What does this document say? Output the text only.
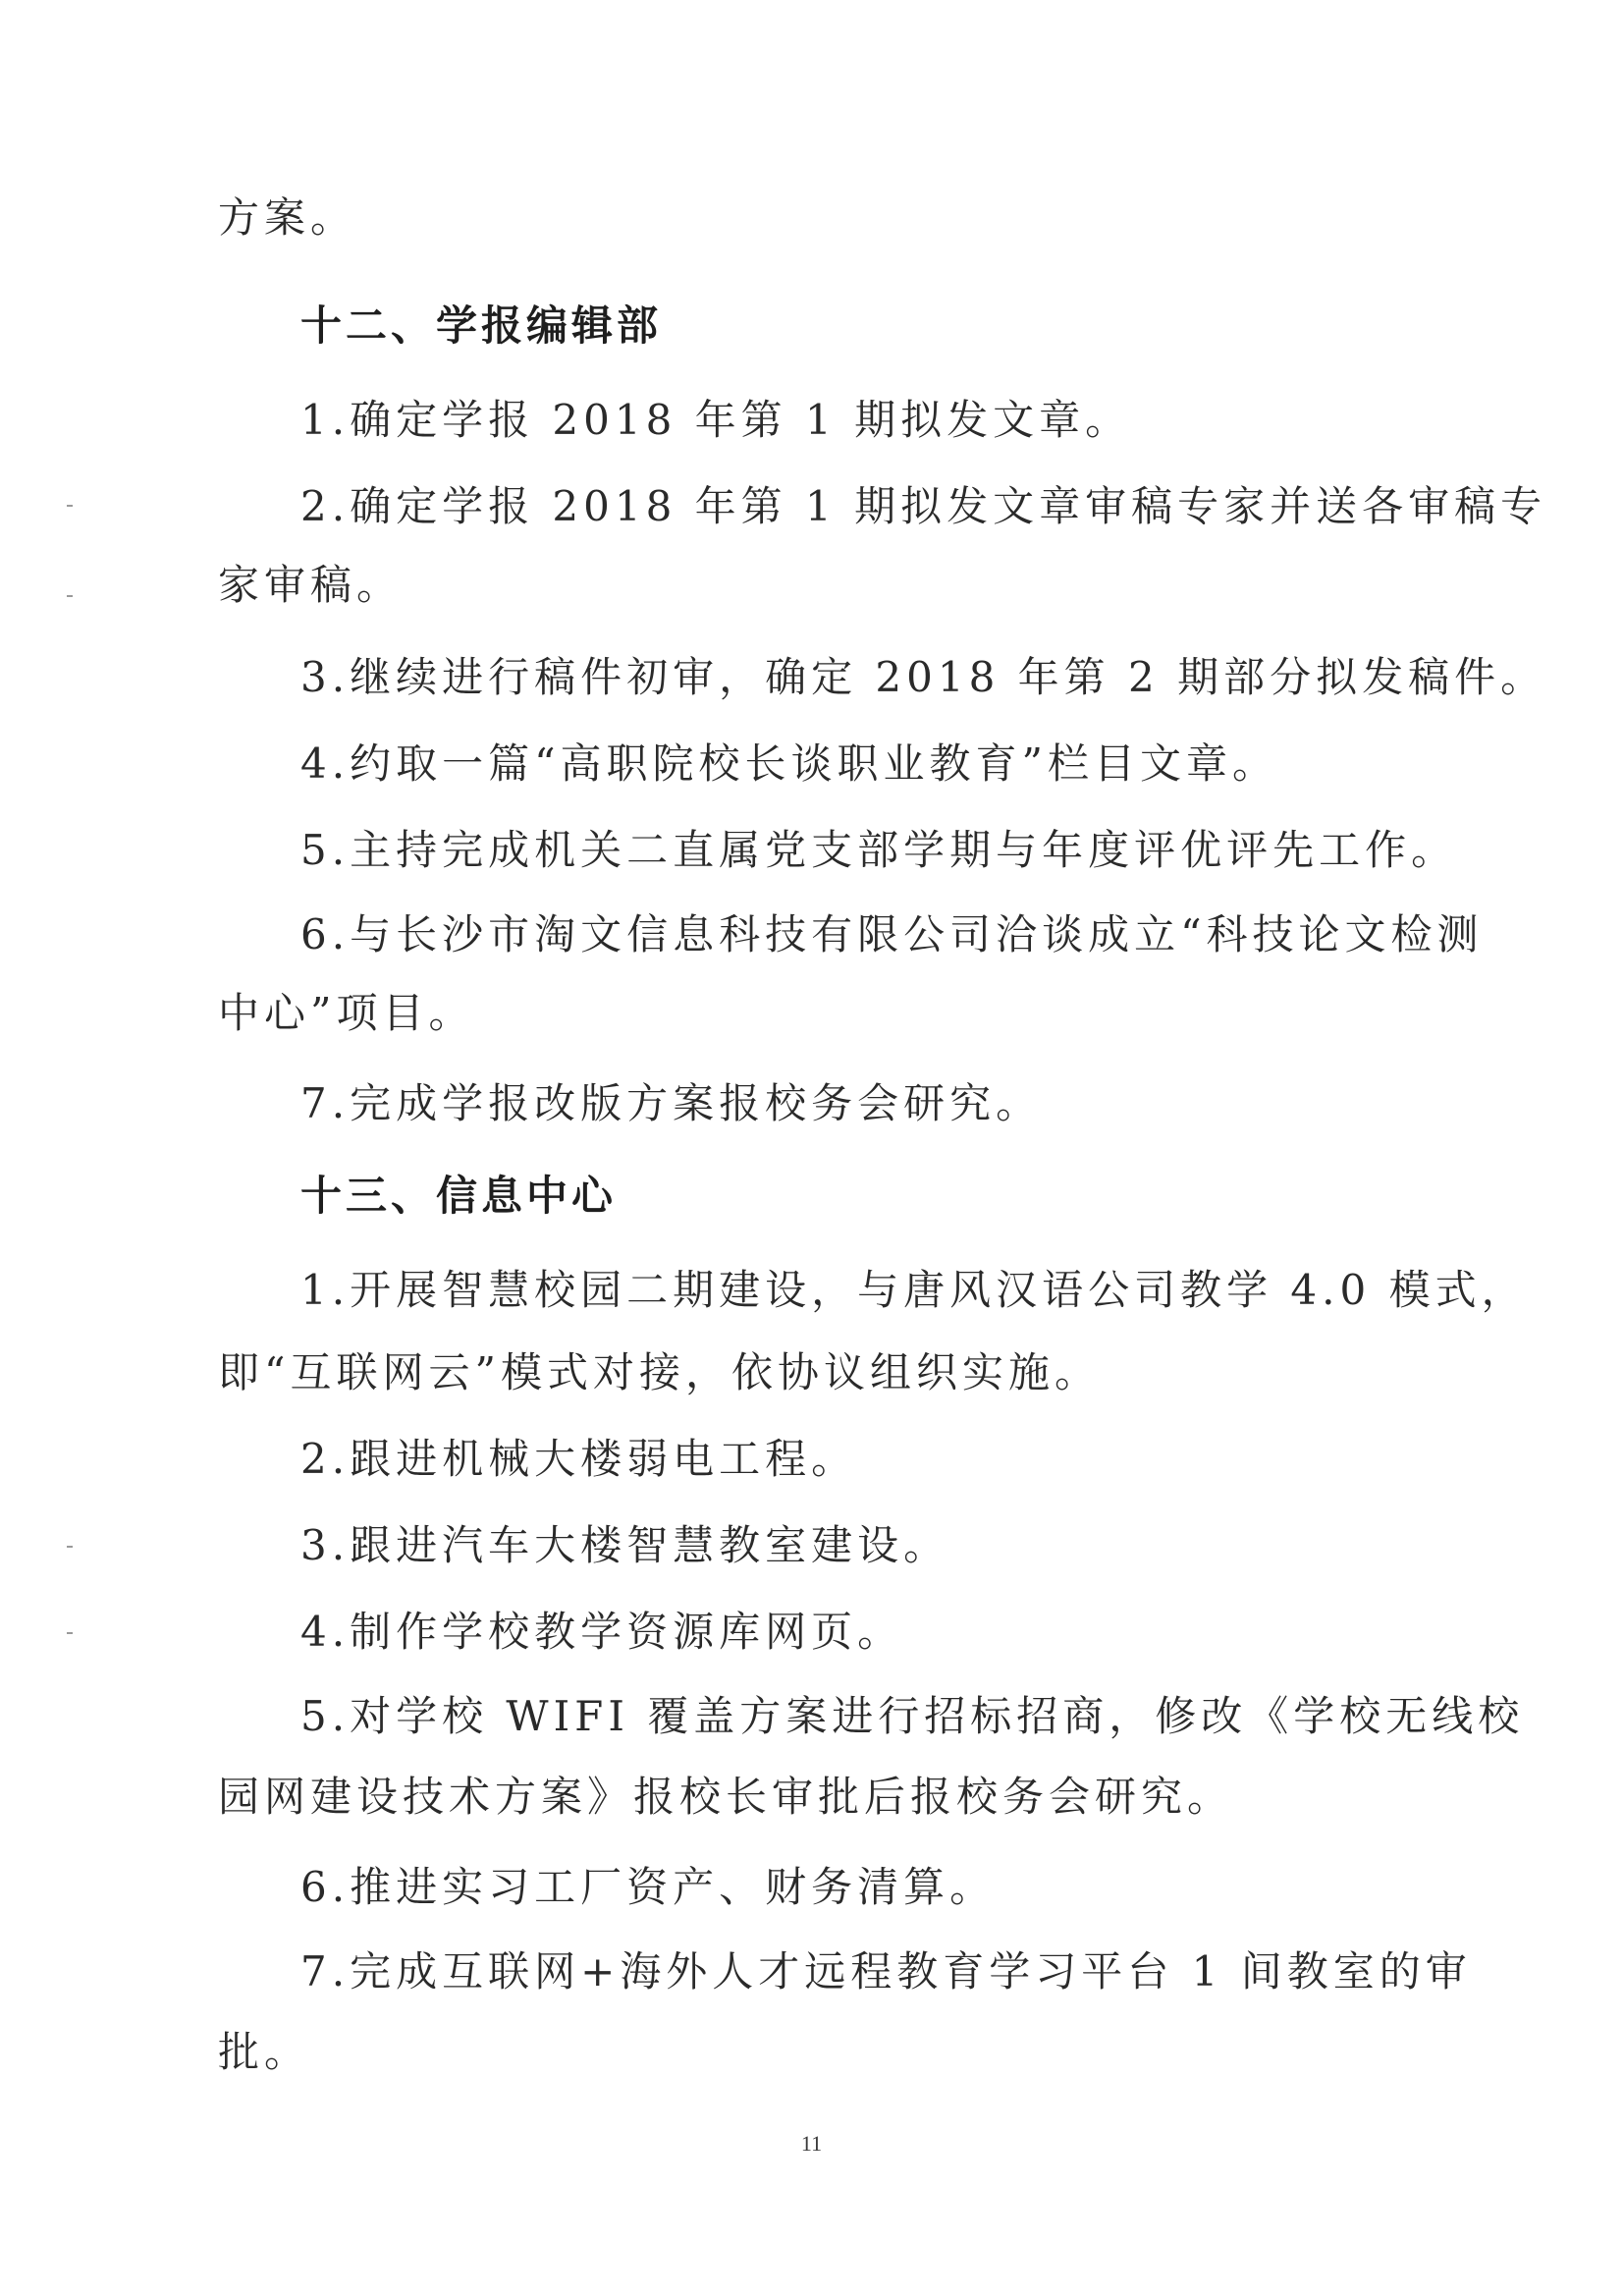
方案。
十二、学报编辑部
1.确定学报 2018 年第 1 期拟发文章。
2.确定学报 2018 年第 1 期拟发文章审稿专家并送各审稿专
家审稿。
3.继续进行稿件初审，确定 2018 年第 2 期部分拟发稿件。
4.约取一篇“高职院校长谈职业教育”栏目文章。
5.主持完成机关二直属党支部学期与年度评优评先工作。
6.与长沙市淘文信息科技有限公司洽谈成立“科技论文检测
中心”项目。
7.完成学报改版方案报校务会研究。
十三、信息中心
1.开展智慧校园二期建设，与唐风汉语公司教学 4.0 模式，
即“互联网云”模式对接，依协议组织实施。
2.跟进机械大楼弱电工程。
3.跟进汽车大楼智慧教室建设。
4.制作学校教学资源库网页。
5.对学校 WIFI 覆盖方案进行招标招商，修改《学校无线校
园网建设技术方案》报校长审批后报校务会研究。
6.推进实习工厂资产、财务清算。
7.完成互联网+海外人才远程教育学习平台 1 间教室的审
批。
11
